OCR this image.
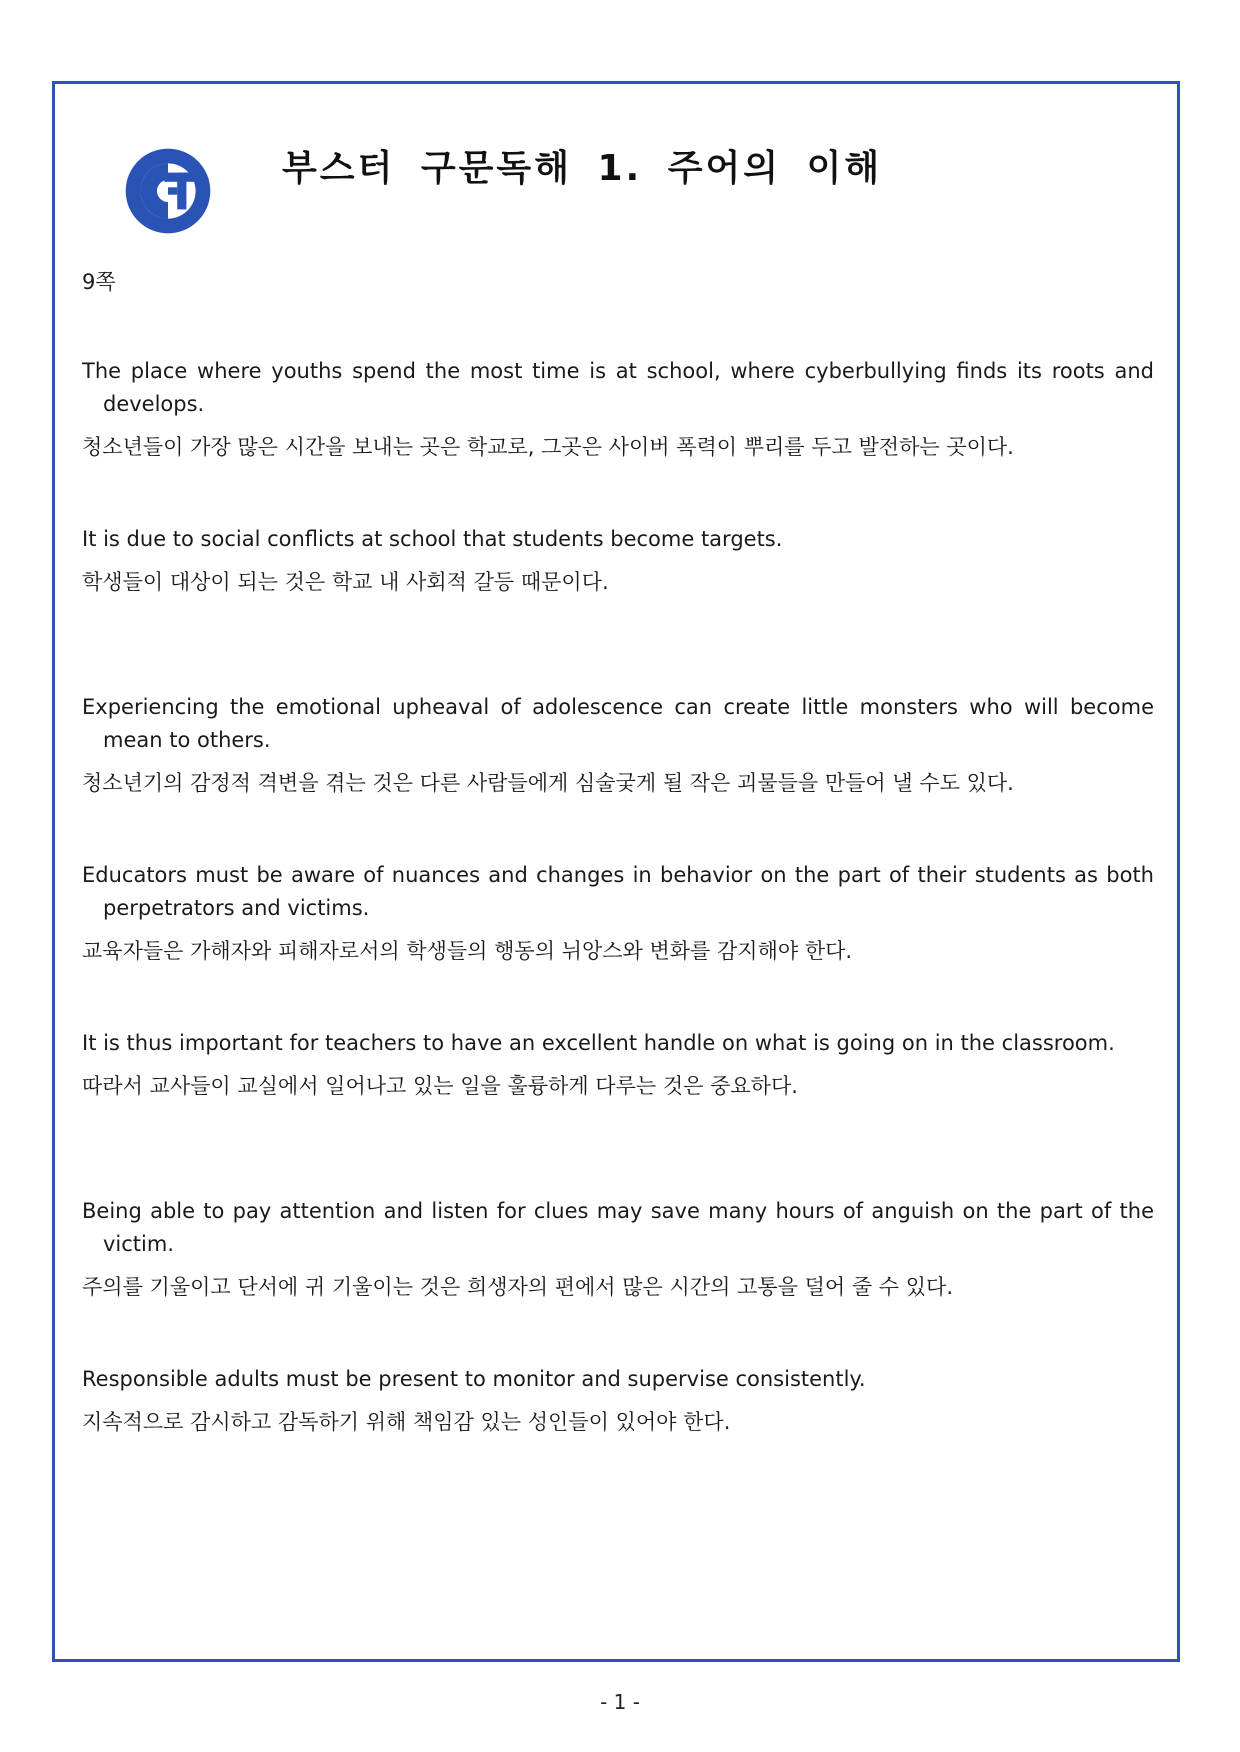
부스터 구문독해 1. 주어의 이해
9쪽

The place where youths spend the most time is at school, where cyberbullying finds its roots and develops.

청소년들이 가장 많은 시간을 보내는 곳은 학교로, 그곳은 사이버 폭력이 뿌리를 두고 발전하는 곳이다.

It is due to social conflicts at school that students become targets.

학생들이 대상이 되는 것은 학교 내 사회적 갈등 때문이다.

Experiencing the emotional upheaval of adolescence can create little monsters who will become mean to others.

청소년기의 감정적 격변을 겪는 것은 다른 사람들에게 심술궂게 될 작은 괴물들을 만들어 낼 수도 있다.

Educators must be aware of nuances and changes in behavior on the part of their students as both perpetrators and victims.

교육자들은 가해자와 피해자로서의 학생들의 행동의 뉘앙스와 변화를 감지해야 한다.

It is thus important for teachers to have an excellent handle on what is going on in the classroom.

따라서 교사들이 교실에서 일어나고 있는 일을 훌륭하게 다루는 것은 중요하다.

Being able to pay attention and listen for clues may save many hours of anguish on the part of the victim.

주의를 기울이고 단서에 귀 기울이는 것은 희생자의 편에서 많은 시간의 고통을 덜어 줄 수 있다.

Responsible adults must be present to monitor and supervise consistently.

지속적으로 감시하고 감독하기 위해 책임감 있는 성인들이 있어야 한다.

- 1 -
